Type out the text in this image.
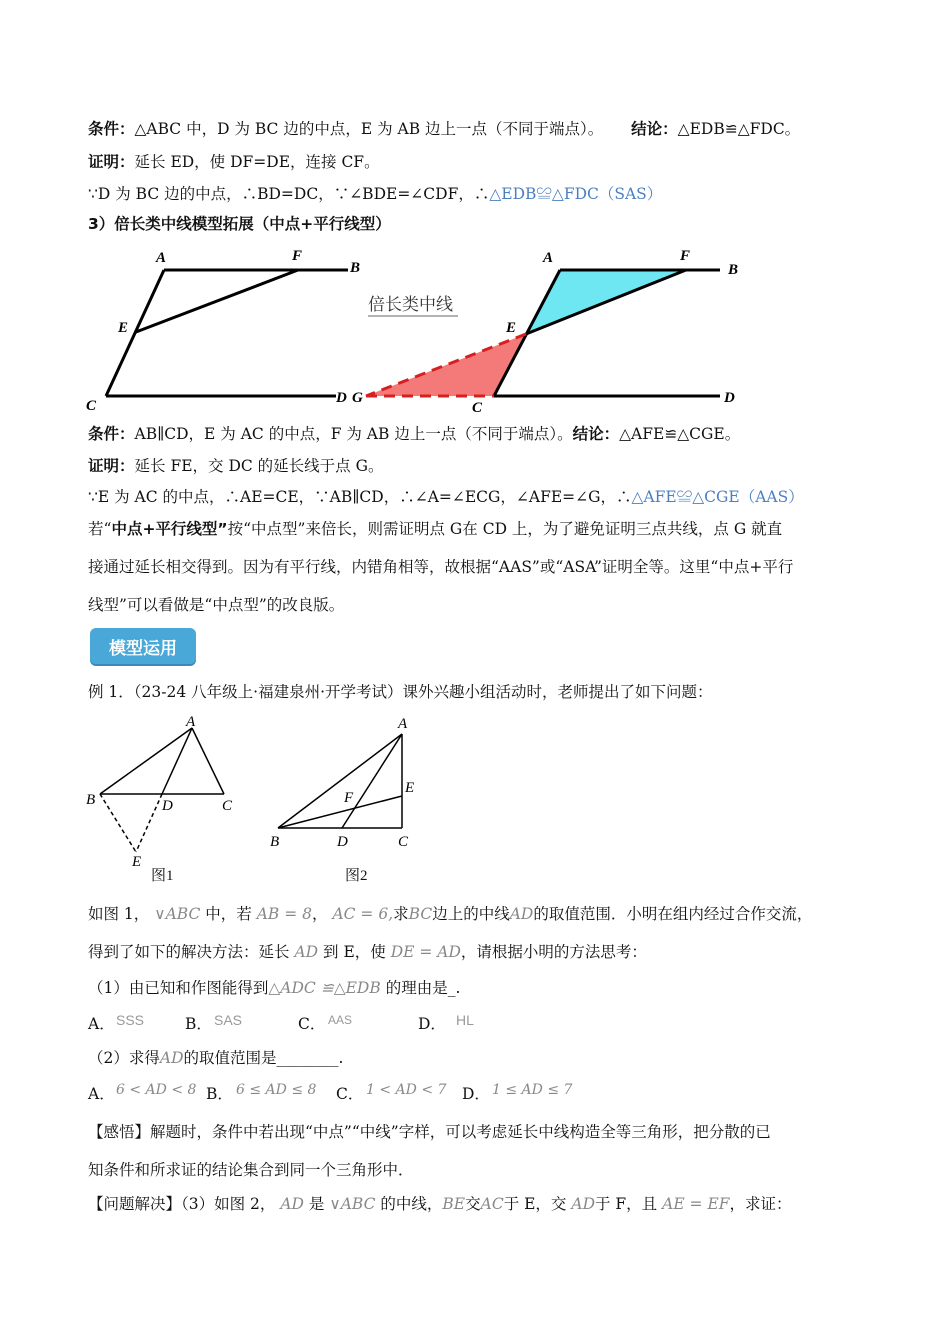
条件：△ABC 中，D 为 BC 边的中点，E 为 AB 边上一点（不同于端点）。 结论：△EDB≌△FDC。
证明：延长 ED，使 DF=DE，连接 CF。
∵D 为 BC 边的中点，∴BD=DC，∵∠BDE=∠CDF，∴△EDB≌△FDC（SAS）
3）倍长类中线模型拓展（中点+平行线型）
A	F
B
E
C	D
倍长类中线
A	F
B
E
G
C
D
条件：AB∥CD，E 为 AC 的中点，F 为 AB 边上一点（不同于端点）。结论：△AFE≌△CGE。
证明：延长 FE，交 DC 的延长线于点 G。
∵E 为 AC 的中点，∴AE=CE，∵AB∥CD，∴∠A=∠ECG，∠AFE=∠G，∴△AFE≌△CGE（AAS）
若“中点+平行线型”按“中点型”来倍长，则需证明点 G在 CD 上，为了避免证明三点共线，点 G 就直
接通过延长相交得到。因为有平行线，内错角相等，故根据“AAS”或“ASA”证明全等。这里“中点+平行
线型”可以看做是“中点型”的改良版。
模型运用
例 1．（23-24 八年级上·福建泉州·开学考试）课外兴趣小组活动时，老师提出了如下问题：
A
B	D	C
E
图1
A
E
F
B	D	C
图2
如图 1， ∨ABC 中，若 AB = 8， AC = 6,求BC边上的中线AD的取值范围．小明在组内经过合作交流，
得到了如下的解决方法：延长 AD 到 E，使 DE = AD，请根据小明的方法思考：
（1）由已知和作图能得到△ADC ≌△EDB 的理由是_.
A． SSS	B． SAS	C． AAS	D． HL
（2）求得AD的取值范围是________.
A． 6 < AD < 8 B． 6 ≤ AD ≤ 8 C． 1 < AD < 7 D． 1 ≤ AD ≤ 7
【感悟】解题时，条件中若出现“中点”“中线”字样，可以考虑延长中线构造全等三角形，把分散的已
知条件和所求证的结论集合到同一个三角形中．
【问题解决】（3）如图 2， AD 是 ∨ABC 的中线，BE交AC于 E，交 AD于 F，且 AE = EF，求证：
